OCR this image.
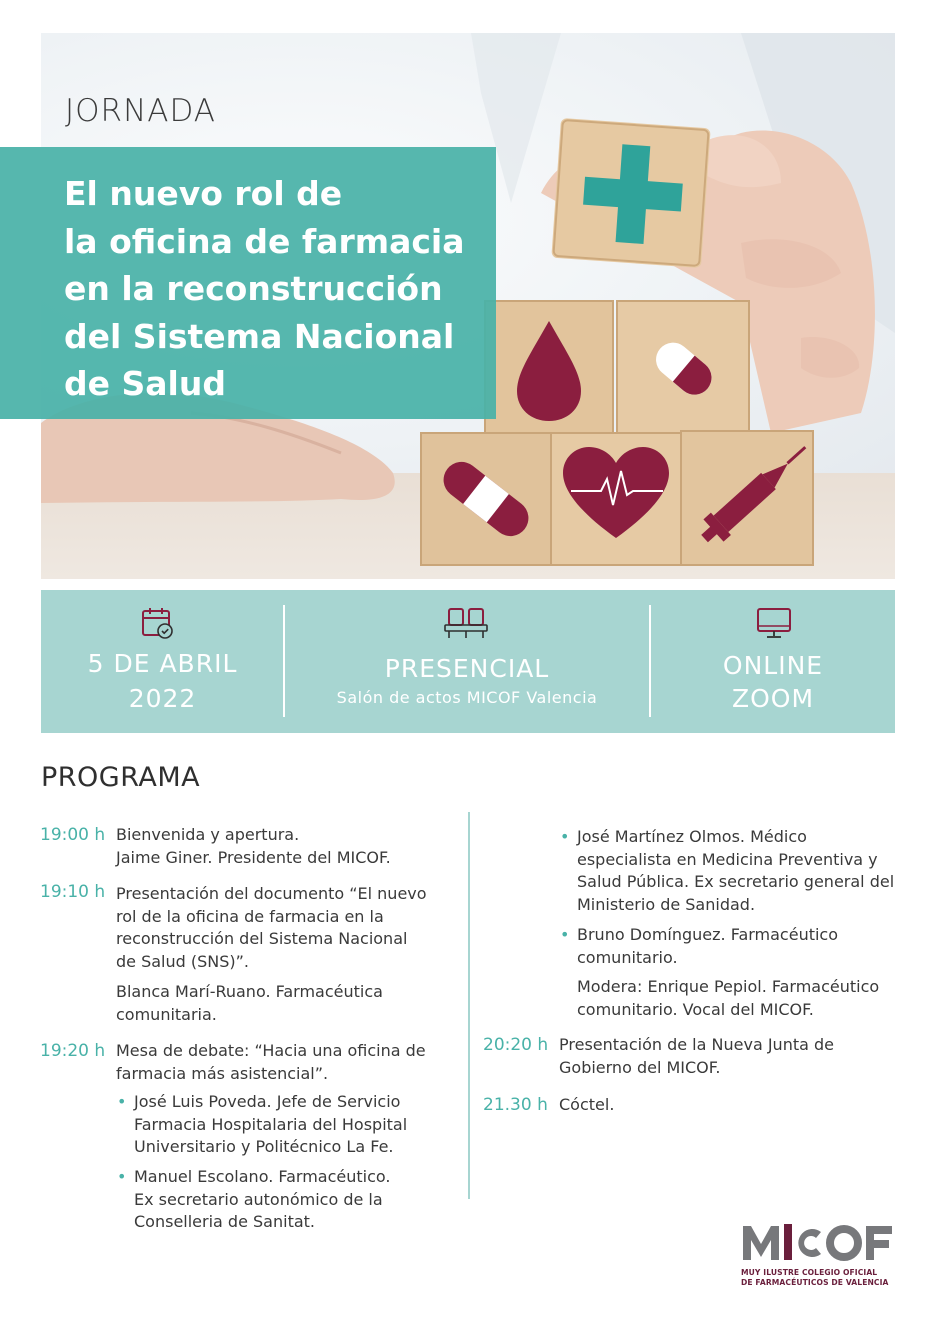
JORNADA
El nuevo rol de
la oficina de farmacia
en la reconstrucción
del Sistema Nacional
de Salud
5 DE ABRIL
2022
PRESENCIAL
Salón de actos MICOF Valencia
ONLINE
ZOOM
PROGRAMA
19:00 h Bienvenida y apertura.

Jaime Giner. Presidente del MICOF.

19:10 h Presentación del documento “El nuevo

rol de la oficina de farmacia en la

reconstrucción del Sistema Nacional

de Salud (SNS)”.

Blanca Marí-Ruano. Farmacéutica

comunitaria.

19:20 h Mesa de debate: “Hacia una oficina de

farmacia más asistencial”.

• José Luis Poveda. Jefe de Servicio

Farmacia Hospitalaria del Hospital

Universitario y Politécnico La Fe.

• Manuel Escolano. Farmacéutico.

Ex secretario autonómico de la

Conselleria de Sanitat.

• José Martínez Olmos. Médico

especialista en Medicina Preventiva y

Salud Pública. Ex secretario general del

Ministerio de Sanidad.

• Bruno Domínguez. Farmacéutico

comunitario.

Modera: Enrique Pepiol. Farmacéutico

comunitario. Vocal del MICOF.

20:20 h Presentación de la Nueva Junta de

Gobierno del MICOF.

21.30 h Cóctel.

MUY ILUSTRE COLEGIO OFICIAL
DE FARMACÉUTICOS DE VALENCIA
